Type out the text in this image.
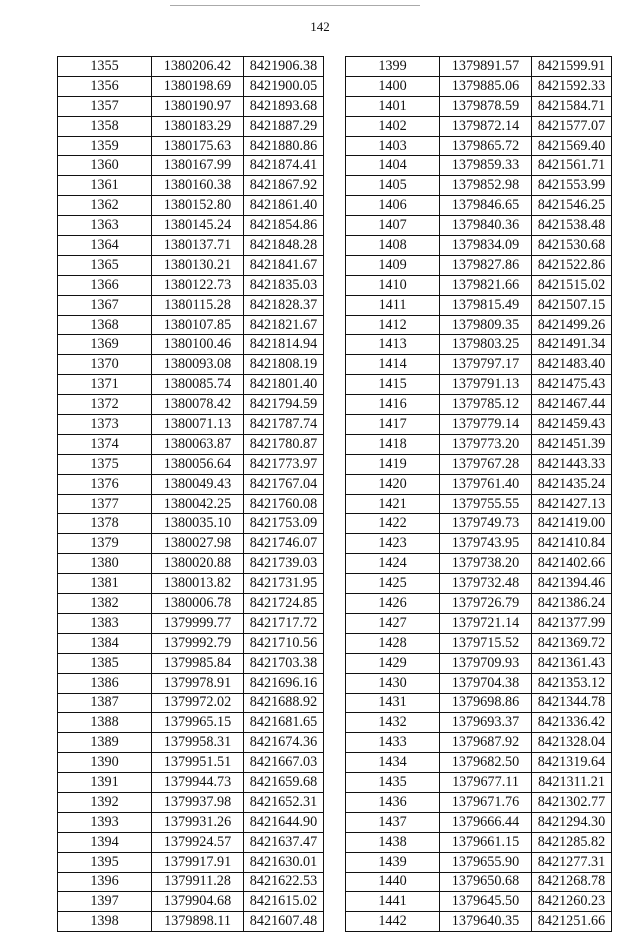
142
1355	1380206.42	8421906.38
1356	1380198.69	8421900.05
1357	1380190.97	8421893.68
1358	1380183.29	8421887.29
1359	1380175.63	8421880.86
1360	1380167.99	8421874.41
1361	1380160.38	8421867.92
1362	1380152.80	8421861.40
1363	1380145.24	8421854.86
1364	1380137.71	8421848.28
1365	1380130.21	8421841.67
1366	1380122.73	8421835.03
1367	1380115.28	8421828.37
1368	1380107.85	8421821.67
1369	1380100.46	8421814.94
1370	1380093.08	8421808.19
1371	1380085.74	8421801.40
1372	1380078.42	8421794.59
1373	1380071.13	8421787.74
1374	1380063.87	8421780.87
1375	1380056.64	8421773.97
1376	1380049.43	8421767.04
1377	1380042.25	8421760.08
1378	1380035.10	8421753.09
1379	1380027.98	8421746.07
1380	1380020.88	8421739.03
1381	1380013.82	8421731.95
1382	1380006.78	8421724.85
1383	1379999.77	8421717.72
1384	1379992.79	8421710.56
1385	1379985.84	8421703.38
1386	1379978.91	8421696.16
1387	1379972.02	8421688.92
1388	1379965.15	8421681.65
1389	1379958.31	8421674.36
1390	1379951.51	8421667.03
1391	1379944.73	8421659.68
1392	1379937.98	8421652.31
1393	1379931.26	8421644.90
1394	1379924.57	8421637.47
1395	1379917.91	8421630.01
1396	1379911.28	8421622.53
1397	1379904.68	8421615.02
1398	1379898.11	8421607.48
1399	1379891.57	8421599.91
1400	1379885.06	8421592.33
1401	1379878.59	8421584.71
1402	1379872.14	8421577.07
1403	1379865.72	8421569.40
1404	1379859.33	8421561.71
1405	1379852.98	8421553.99
1406	1379846.65	8421546.25
1407	1379840.36	8421538.48
1408	1379834.09	8421530.68
1409	1379827.86	8421522.86
1410	1379821.66	8421515.02
1411	1379815.49	8421507.15
1412	1379809.35	8421499.26
1413	1379803.25	8421491.34
1414	1379797.17	8421483.40
1415	1379791.13	8421475.43
1416	1379785.12	8421467.44
1417	1379779.14	8421459.43
1418	1379773.20	8421451.39
1419	1379767.28	8421443.33
1420	1379761.40	8421435.24
1421	1379755.55	8421427.13
1422	1379749.73	8421419.00
1423	1379743.95	8421410.84
1424	1379738.20	8421402.66
1425	1379732.48	8421394.46
1426	1379726.79	8421386.24
1427	1379721.14	8421377.99
1428	1379715.52	8421369.72
1429	1379709.93	8421361.43
1430	1379704.38	8421353.12
1431	1379698.86	8421344.78
1432	1379693.37	8421336.42
1433	1379687.92	8421328.04
1434	1379682.50	8421319.64
1435	1379677.11	8421311.21
1436	1379671.76	8421302.77
1437	1379666.44	8421294.30
1438	1379661.15	8421285.82
1439	1379655.90	8421277.31
1440	1379650.68	8421268.78
1441	1379645.50	8421260.23
1442	1379640.35	8421251.66
